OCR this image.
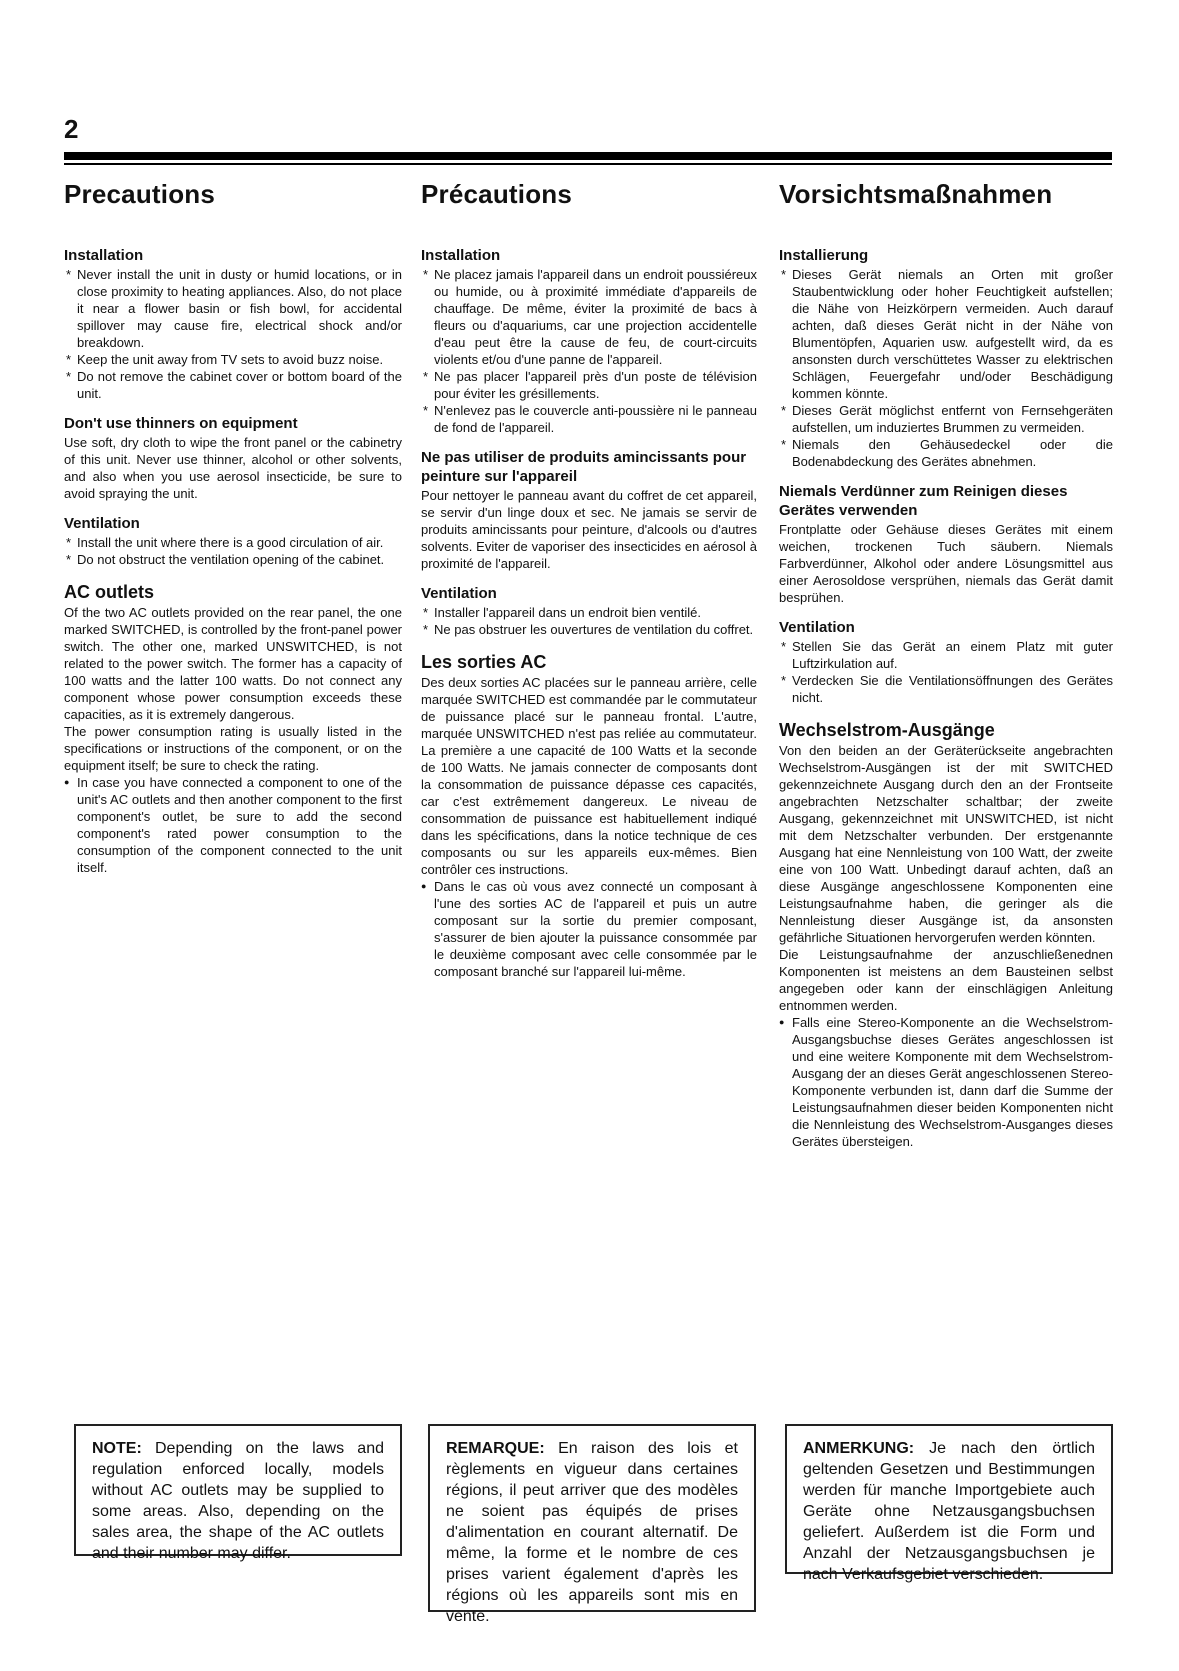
2
Precautions
Installation
* Never install the unit in dusty or humid locations, or in close proximity to heating appliances. Also, do not place it near a flower basin or fish bowl, for accidental spillover may cause fire, electrical shock and/or breakdown.
* Keep the unit away from TV sets to avoid buzz noise.
* Do not remove the cabinet cover or bottom board of the unit.
Don't use thinners on equipment

Use soft, dry cloth to wipe the front panel or the cabinetry of this unit. Never use thinner, alcohol or other solvents, and also when you use aerosol insecticide, be sure to avoid spraying the unit.

Ventilation
* Install the unit where there is a good circulation of air.
* Do not obstruct the ventilation opening of the cabinet.
AC outlets

Of the two AC outlets provided on the rear panel, the one marked SWITCHED, is controlled by the front-panel power switch. The other one, marked UNSWITCHED, is not related to the power switch. The former has a capacity of 100 watts and the latter 100 watts. Do not connect any component whose power consumption exceeds these capacities, as it is extremely dangerous.

The power consumption rating is usually listed in the specifications or instructions of the component, or on the equipment itself; be sure to check the rating.

● In case you have connected a component to one of the unit's AC outlets and then another component to the first component's outlet, be sure to add the second component's rated power consumption to the consumption of the component connected to the unit itself.
Précautions
Installation
* Ne placez jamais l'appareil dans un endroit poussiéreux ou humide, ou à proximité immédiate d'appareils de chauffage. De même, éviter la proximité de bacs à fleurs ou d'aquariums, car une projection accidentelle d'eau peut être la cause de feu, de court-circuits violents et/ou d'une panne de l'appareil.
* Ne pas placer l'appareil près d'un poste de télévision pour éviter les grésillements.
* N'enlevez pas le couvercle anti-poussière ni le panneau de fond de l'appareil.
Ne pas utiliser de produits amincissants pour peinture sur l'appareil

Pour nettoyer le panneau avant du coffret de cet appareil, se servir d'un linge doux et sec. Ne jamais se servir de produits amincissants pour peinture, d'alcools ou d'autres solvents. Eviter de vaporiser des insecticides en aérosol à proximité de l'appareil.

Ventilation
* Installer l'appareil dans un endroit bien ventilé.
* Ne pas obstruer les ouvertures de ventilation du coffret.
Les sorties AC

Des deux sorties AC placées sur le panneau arrière, celle marquée SWITCHED est commandée par le commutateur de puissance placé sur le panneau frontal. L'autre, marquée UNSWITCHED n'est pas reliée au commutateur. La première a une capacité de 100 Watts et la seconde de 100 Watts. Ne jamais connecter de composants dont la consommation de puissance dépasse ces capacités, car c'est extrêmement dangereux. Le niveau de consommation de puissance est habituellement indiqué dans les spécifications, dans la notice technique de ces composants ou sur les appareils eux-mêmes. Bien contrôler ces instructions.

● Dans le cas où vous avez connecté un composant à l'une des sorties AC de l'appareil et puis un autre composant sur la sortie du premier composant, s'assurer de bien ajouter la puissance consommée par le deuxième composant avec celle consommée par le composant branché sur l'appareil lui-même.
Vorsichtsmaßnahmen
Installierung
* Dieses Gerät niemals an Orten mit großer Staubentwicklung oder hoher Feuchtigkeit aufstellen; die Nähe von Heizkörpern vermeiden. Auch darauf achten, daß dieses Gerät nicht in der Nähe von Blumentöpfen, Aquarien usw. aufgestellt wird, da es ansonsten durch verschüttetes Wasser zu elektrischen Schlägen, Feuergefahr und/oder Beschädigung kommen könnte.
* Dieses Gerät möglichst entfernt von Fernsehgeräten aufstellen, um induziertes Brummen zu vermeiden.
* Niemals den Gehäusedeckel oder die Bodenabdeckung des Gerätes abnehmen.
Niemals Verdünner zum Reinigen dieses Gerätes verwenden

Frontplatte oder Gehäuse dieses Gerätes mit einem weichen, trockenen Tuch säubern. Niemals Farbverdünner, Alkohol oder andere Lösungsmittel aus einer Aerosoldose versprühen, niemals das Gerät damit besprühen.

Ventilation
* Stellen Sie das Gerät an einem Platz mit guter Luftzirkulation auf.
* Verdecken Sie die Ventilationsöffnungen des Gerätes nicht.
Wechselstrom-Ausgänge

Von den beiden an der Geräterückseite angebrachten Wechselstrom-Ausgängen ist der mit SWITCHED gekennzeichnete Ausgang durch den an der Frontseite angebrachten Netzschalter schaltbar; der zweite Ausgang, gekennzeichnet mit UNSWITCHED, ist nicht mit dem Netzschalter verbunden. Der erstgenannte Ausgang hat eine Nennleistung von 100 Watt, der zweite eine von 100 Watt. Unbedingt darauf achten, daß an diese Ausgänge angeschlossene Komponenten eine Leistungsaufnahme haben, die geringer als die Nennleistung dieser Ausgänge ist, da ansonsten gefährliche Situationen hervorgerufen werden könnten.

Die Leistungsaufnahme der anzuschließenednen Komponenten ist meistens an dem Bausteinen selbst angegeben oder kann der einschlägigen Anleitung entnommen werden.

● Falls eine Stereo-Komponente an die Wechselstrom-Ausgangsbuchse dieses Gerätes angeschlossen ist und eine weitere Komponente mit dem Wechselstrom-Ausgang der an dieses Gerät angeschlossenen Stereo-Komponente verbunden ist, dann darf die Summe der Leistungsaufnahmen dieser beiden Komponenten nicht die Nennleistung des Wechselstrom-Ausganges dieses Gerätes übersteigen.
NOTE: Depending on the laws and regulation enforced locally, models without AC outlets may be supplied to some areas. Also, depending on the sales area, the shape of the AC outlets and their number may differ.
REMARQUE: En raison des lois et règlements en vigueur dans certaines régions, il peut arriver que des modèles ne soient pas équipés de prises d'alimentation en courant alternatif. De même, la forme et le nombre de ces prises varient également d'après les régions où les appareils sont mis en vente.
ANMERKUNG: Je nach den örtlich geltenden Gesetzen und Bestimmungen werden für manche Importgebiete auch Geräte ohne Netzausgangsbuchsen geliefert. Außerdem ist die Form und Anzahl der Netzausgangsbuchsen je nach Verkaufsgebiet verschieden.
